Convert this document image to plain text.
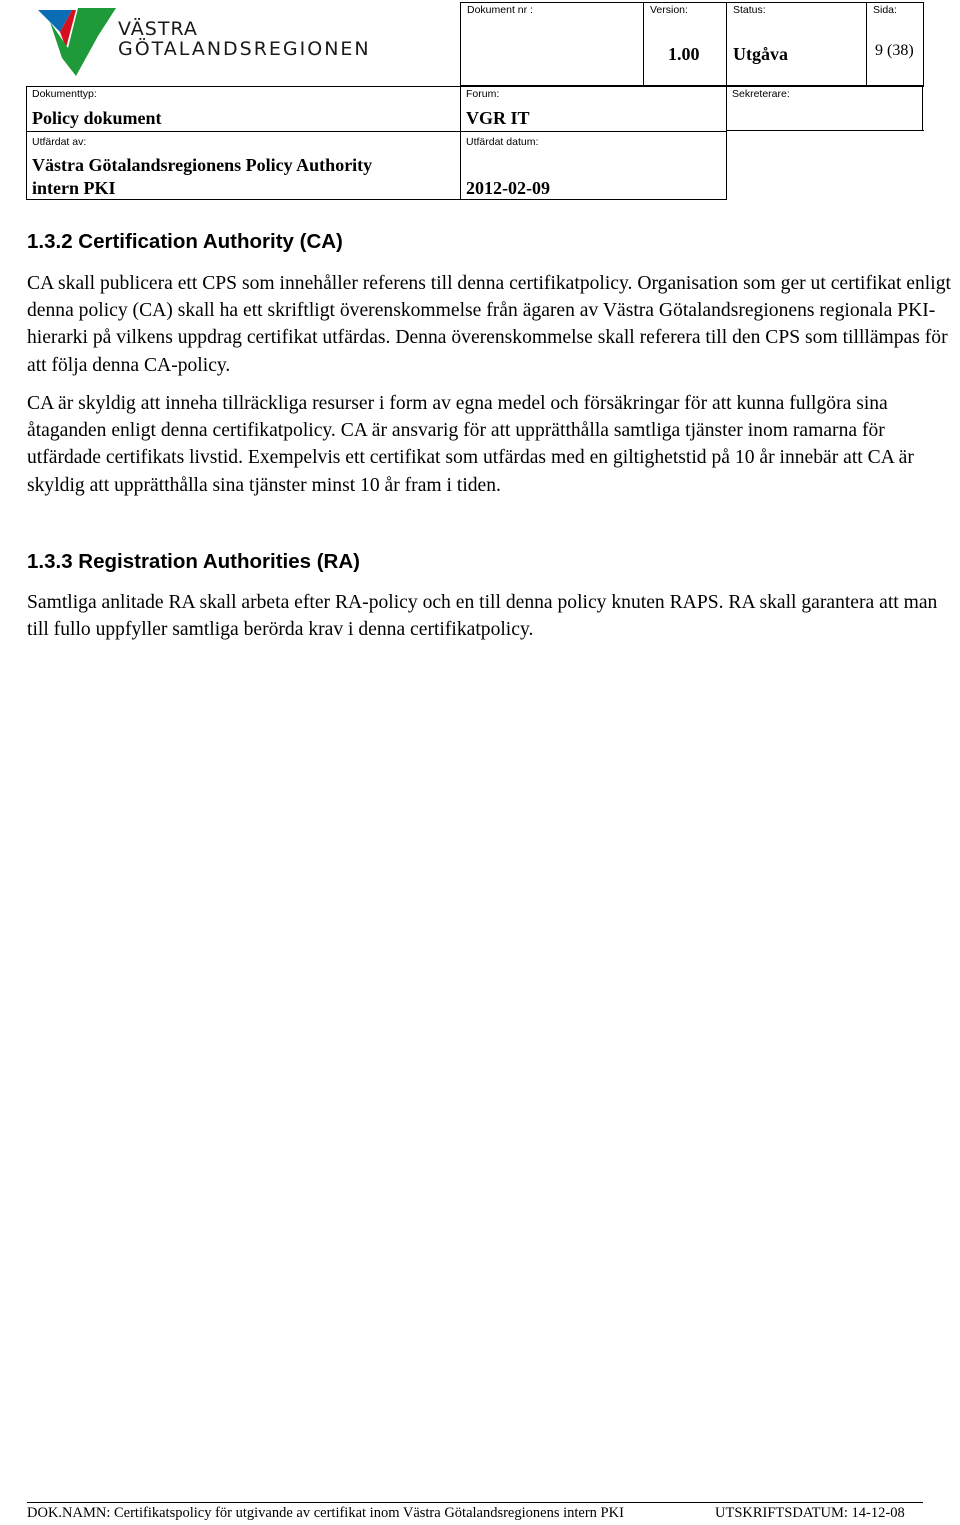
VÄSTRA
GÖTALANDSREGIONEN
Dokument nr :	Version:
1.00
Status:
Utgåva
Sida:
9 (38)
Dokumenttyp:
Policy dokument
Forum:
VGR IT
Sekreterare:
Utfärdat av:
Västra Götalandsregionens Policy Authority
intern PKI
Utfärdat datum:
2012-02-09
1.3.2 Certification Authority (CA)

CA skall publicera ett CPS som innehåller referens till denna certifikatpolicy. Organisation som ger ut certifikat enligt denna policy (CA) skall ha ett skriftligt överenskommelse från ägaren av Västra Götalandsregionens regionala PKI-hierarki på vilkens uppdrag certifikat utfärdas. Denna överenskommelse skall referera till den CPS som tilllämpas för att följa denna CA-policy.

CA är skyldig att inneha tillräckliga resurser i form av egna medel och försäkringar för att kunna fullgöra sina åtaganden enligt denna certifikatpolicy. CA är ansvarig för att upprätthålla samtliga tjänster inom ramarna för utfärdade certifikats livstid. Exempelvis ett certifikat som utfärdas med en giltighetstid på 10 år innebär att CA är skyldig att upprätthålla sina tjänster minst 10 år fram i tiden.

1.3.3 Registration Authorities (RA)

Samtliga anlitade RA skall arbeta efter RA-policy och en till denna policy knuten RAPS. RA skall garantera att man till fullo uppfyller samtliga berörda krav i denna certifikatpolicy.

DOK.NAMN: Certifikatspolicy för utgivande av certifikat inom Västra Götalandsregionens intern PKI	UTSKRIFTSDATUM: 14-12-08
